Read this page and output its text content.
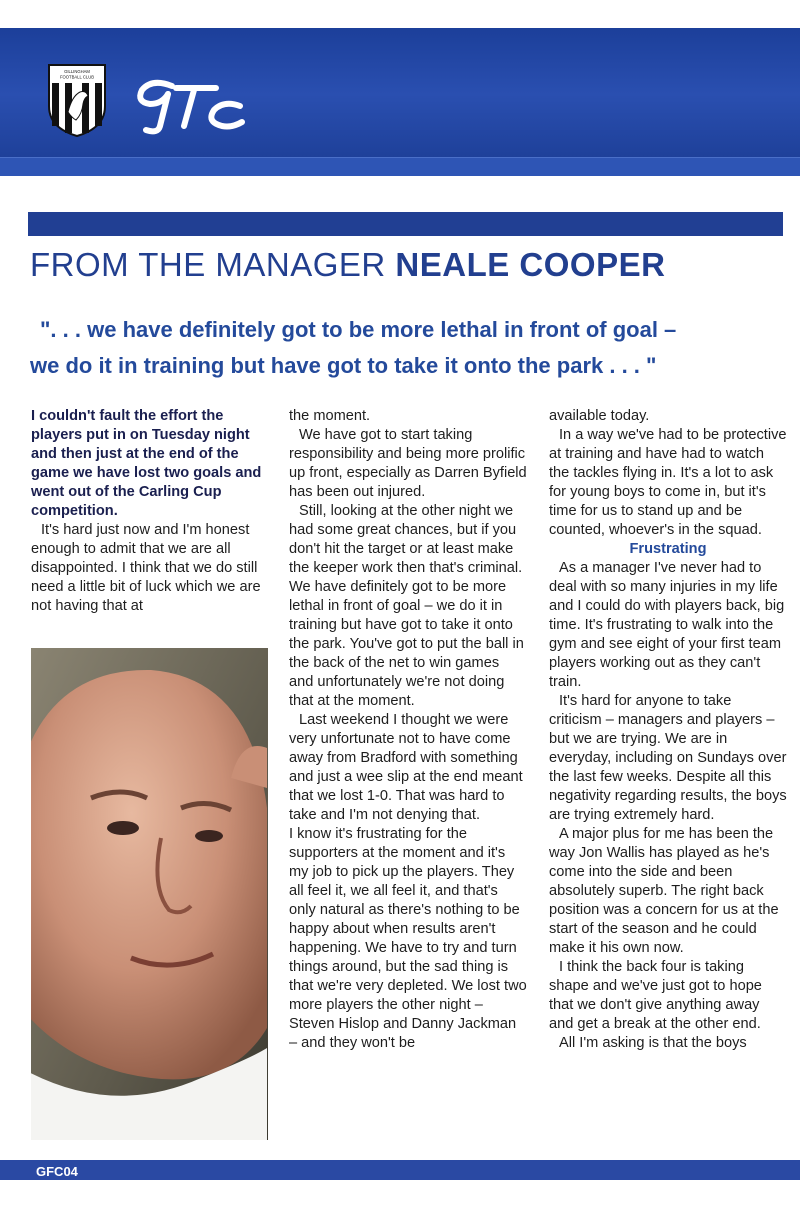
GILLINGHAM
FOOTBALL CLUB
FROM THE MANAGER NEALE COOPER
". . . we have definitely got to be more lethal in front of goal –
we do it in training but have got to take it onto the park . . . "

I couldn't fault the effort the players put in on Tuesday night and then just at the end of the game we have lost two goals and went out of the Carling Cup competition.

It's hard just now and I'm honest enough to admit that we are all disappointed. I think that we do still need a little bit of luck which we are not having that at

the moment.

We have got to start taking responsibility and being more prolific up front, especially as Darren Byfield has been out injured.

Still, looking at the other night we had some great chances, but if you don't hit the target or at least make the keeper work then that's criminal. We have definitely got to be more lethal in front of goal – we do it in training but have got to take it onto the park. You've got to put the ball in the back of the net to win games and unfortunately we're not doing that at the moment.

Last weekend I thought we were very unfortunate not to have come away from Bradford with something and just a wee slip at the end meant that we lost 1-0. That was hard to take and I'm not denying that.

I know it's frustrating for the supporters at the moment and it's my job to pick up the players. They all feel it, we all feel it, and that's only natural as there's nothing to be happy about when results aren't happening. We have to try and turn things around, but the sad thing is that we're very depleted. We lost two more players the other night – Steven Hislop and Danny Jackman – and they won't be

available today.

In a way we've had to be protective at training and have had to watch the tackles flying in. It's a lot to ask for young boys to come in, but it's time for us to stand up and be counted, whoever's in the squad.

Frustrating

As a manager I've never had to deal with so many injuries in my life and I could do with players back, big time. It's frustrating to walk into the gym and see eight of your first team players working out as they can't train.

It's hard for anyone to take criticism – managers and players – but we are trying. We are in everyday, including on Sundays over the last few weeks. Despite all this negativity regarding results, the boys are trying extremely hard.

A major plus for me has been the way Jon Wallis has played as he's come into the side and been absolutely superb. The right back position was a concern for us at the start of the season and he could make it his own now.

I think the back four is taking shape and we've just got to hope that we don't give anything away and get a break at the other end.

All I'm asking is that the boys

GFC04
